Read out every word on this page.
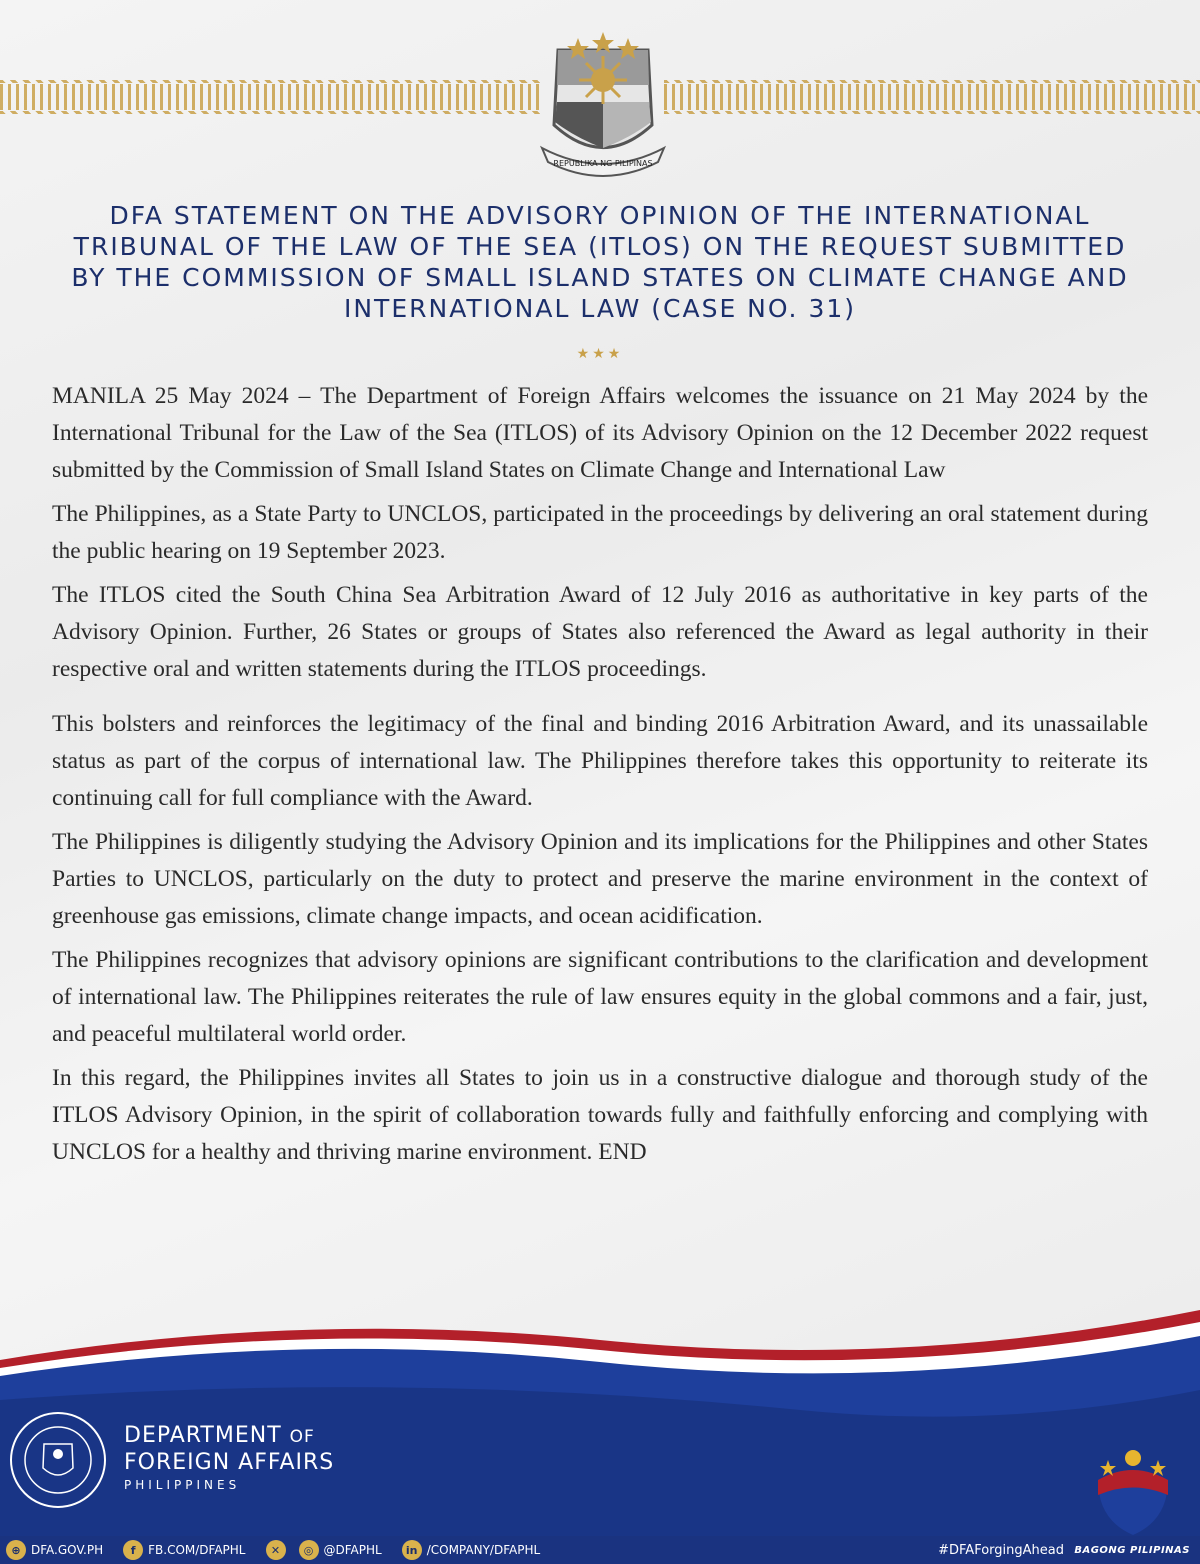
REPUBLIKA NG PILIPINAS
DFA STATEMENT ON THE ADVISORY OPINION OF THE INTERNATIONAL TRIBUNAL OF THE LAW OF THE SEA (ITLOS) ON THE REQUEST SUBMITTED BY THE COMMISSION OF SMALL ISLAND STATES ON CLIMATE CHANGE AND INTERNATIONAL LAW (CASE NO. 31)
★★★

MANILA 25 May 2024 – The Department of Foreign Affairs welcomes the issuance on 21 May 2024 by the International Tribunal for the Law of the Sea (ITLOS) of its Advisory Opinion on the 12 December 2022 request submitted by the Commission of Small Island States on Climate Change and International Law

The Philippines, as a State Party to UNCLOS, participated in the proceedings by delivering an oral statement during the public hearing on 19 September 2023.

The ITLOS cited the South China Sea Arbitration Award of 12 July 2016 as authoritative in key parts of the Advisory Opinion. Further, 26 States or groups of States also referenced the Award as legal authority in their respective oral and written statements during the ITLOS proceedings.

This bolsters and reinforces the legitimacy of the final and binding 2016 Arbitration Award, and its unassailable status as part of the corpus of international law. The Philippines therefore takes this opportunity to reiterate its continuing call for full compliance with the Award.

The Philippines is diligently studying the Advisory Opinion and its implications for the Philippines and other States Parties to UNCLOS, particularly on the duty to protect and preserve the marine environment in the context of greenhouse gas emissions, climate change impacts, and ocean acidification.

The Philippines recognizes that advisory opinions are significant contributions to the clarification and development of international law. The Philippines reiterates the rule of law ensures equity in the global commons and a fair, just, and peaceful multilateral world order.

In this regard, the Philippines invites all States to join us in a constructive dialogue and thorough study of the ITLOS Advisory Opinion, in the spirit of collaboration towards fully and faithfully enforcing and complying with UNCLOS for a healthy and thriving marine environment. END

DEPARTMENT OF
FOREIGN AFFAIRS
PHILIPPINES
⊕ DFA.GOV.PH	f	FB.COM/DFAPHL	✕	◎ @DFAPHL	in /COMPANY/DFAPHL	#DFAForgingAhead BAGONG PILIPINAS
